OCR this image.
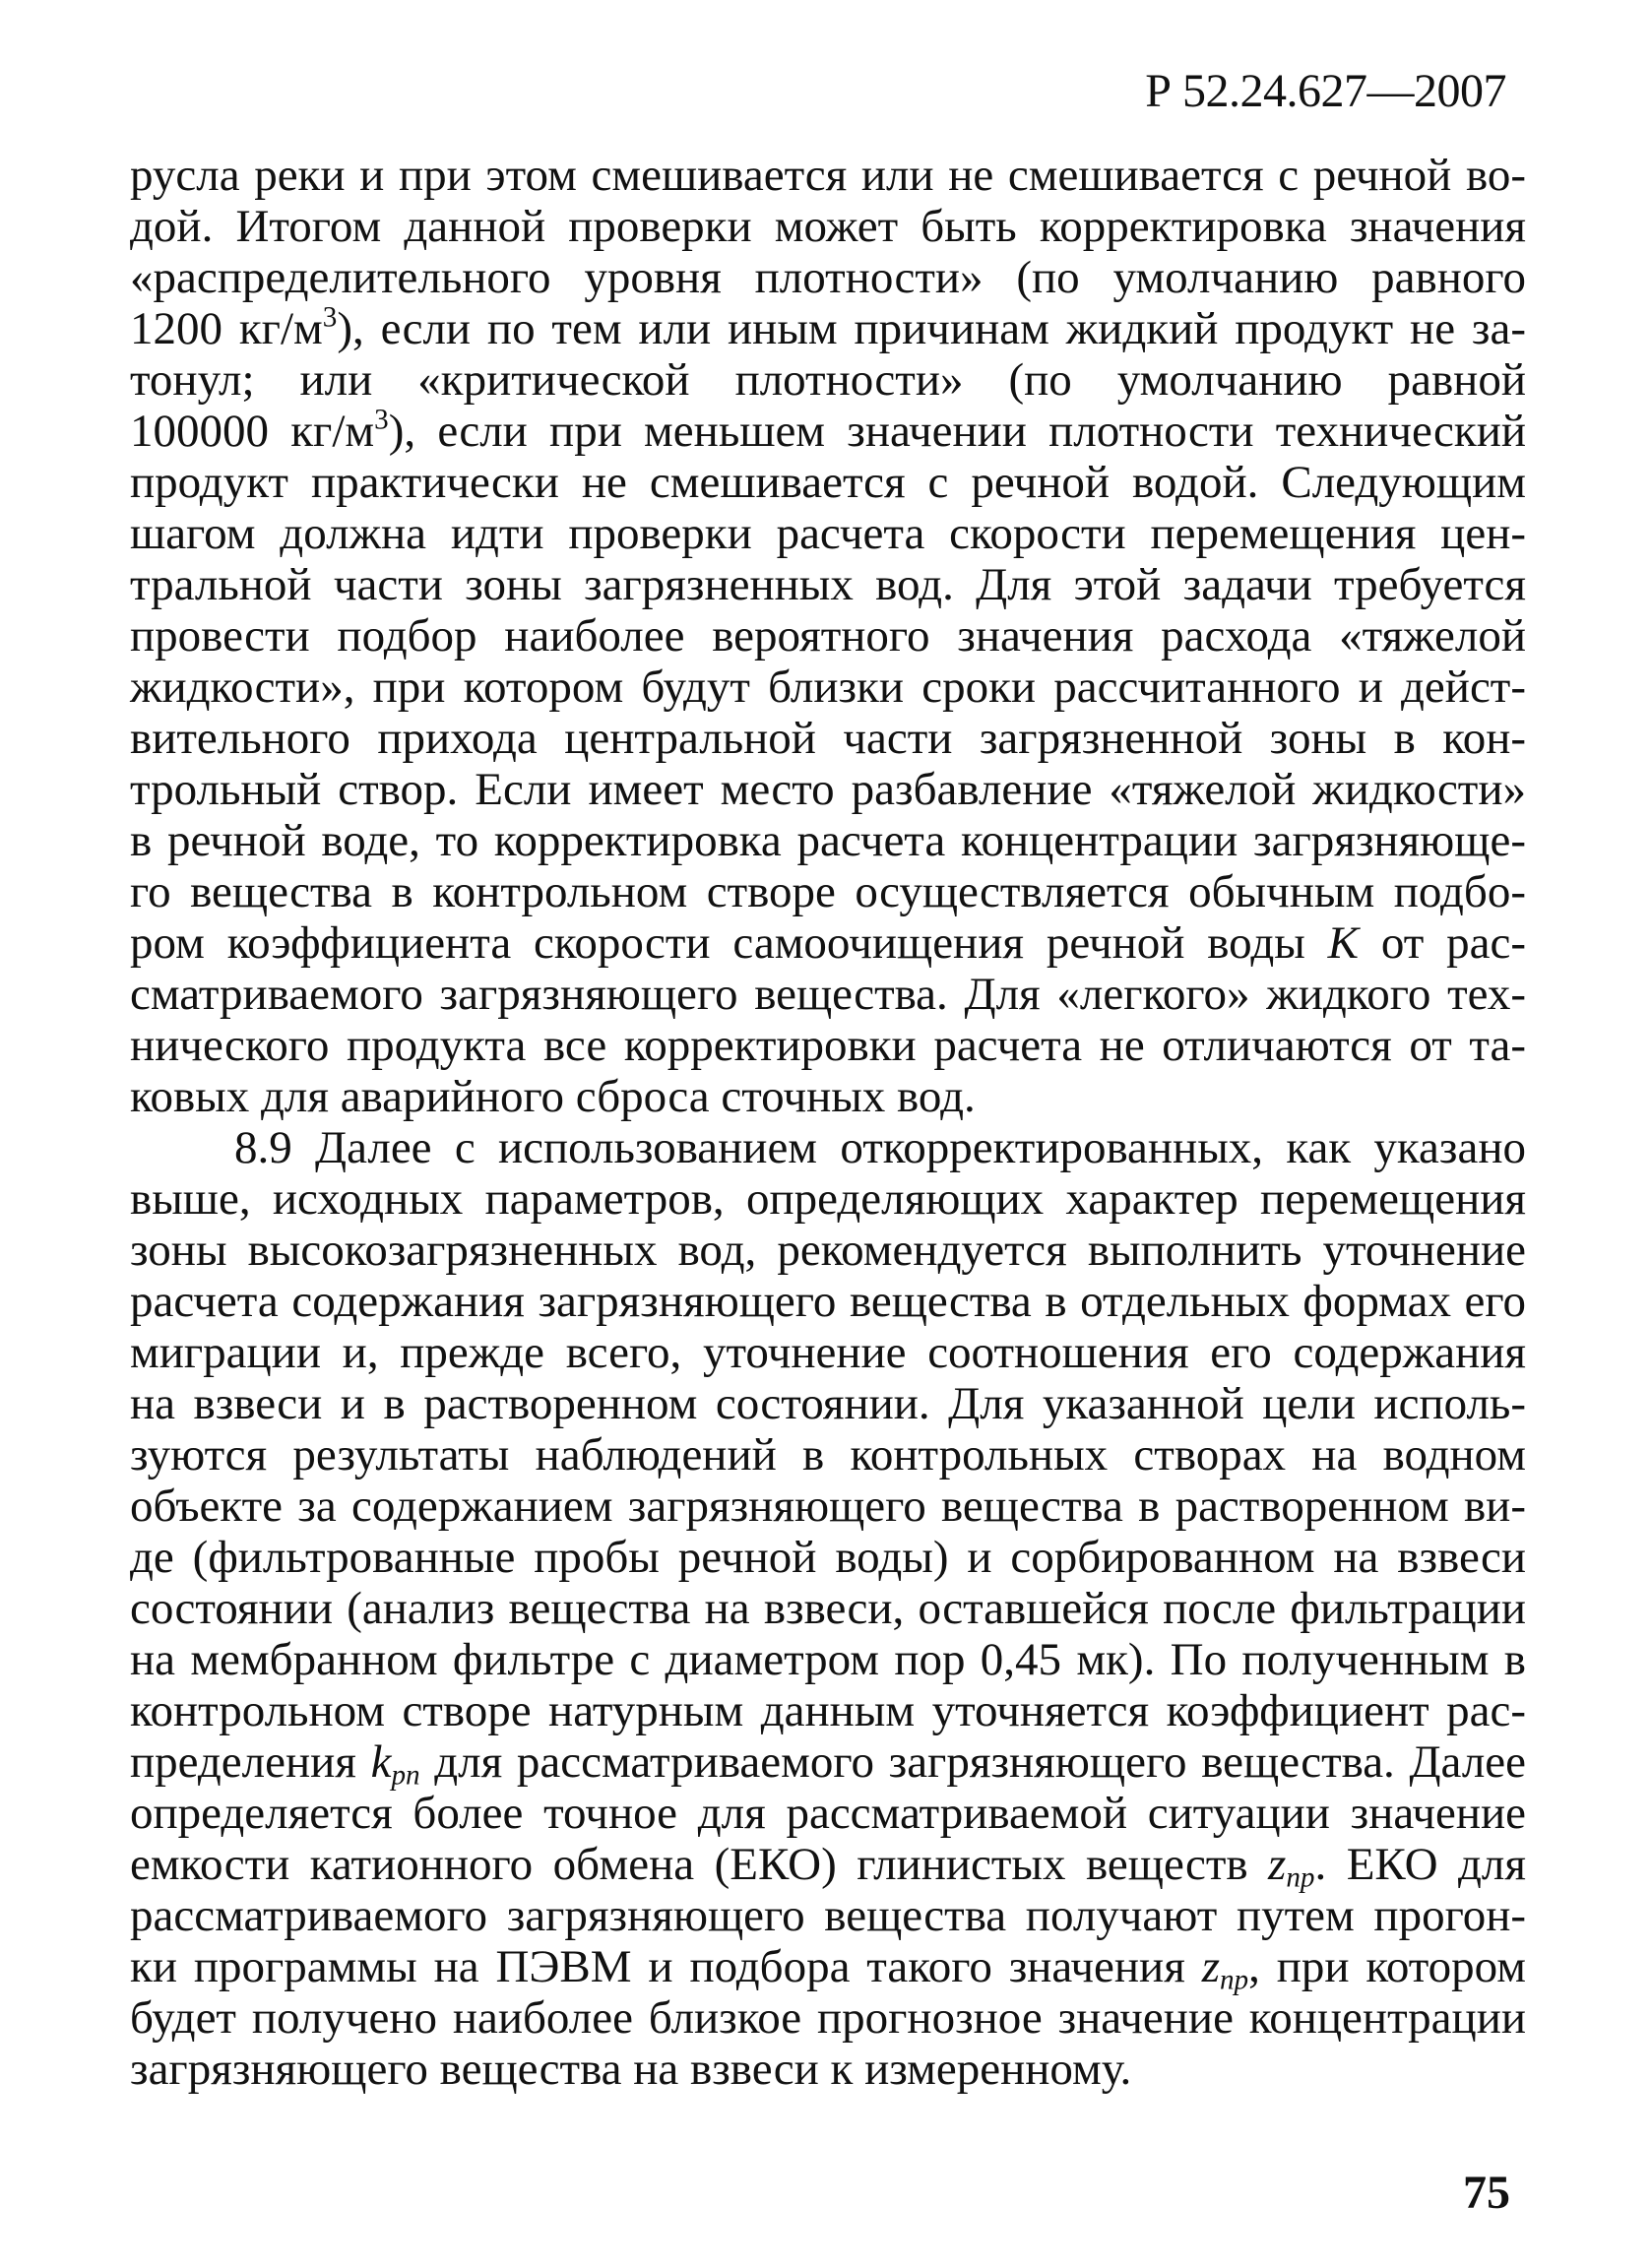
Р 52.24.627—2007
русла реки и при этом смешивается или не смешивается с речной во-
дой. Итогом данной проверки может быть корректировка значения
«распределительного уровня плотности» (по умолчанию равного
1200 $кг/м^3$), если по тем или иным причинам жидкий продукт не за-
тонул; или «критической плотности» (по умолчанию равной
100000 $кг/м^3$), если при меньшем значении плотности технический
продукт практически не смешивается с речной водой. Следующим
шагом должна идти проверки расчета скорости перемещения цен-
тральной части зоны загрязненных вод. Для этой задачи требуется
провести подбор наиболее вероятного значения расхода «тяжелой
жидкости», при котором будут близки сроки рассчитанного и дейст-
вительного прихода центральной части загрязненной зоны в кон-
трольный створ. Если имеет место разбавление «тяжелой жидкости»
в речной воде, то корректировка расчета концентрации загрязняюще-
го вещества в контрольном створе осуществляется обычным подбо-
ром коэффициента скорости самоочищения речной воды K от рас-
сматриваемого загрязняющего вещества. Для «легкого» жидкого тех-
нического продукта все корректировки расчета не отличаются от та-
ковых для аварийного сброса сточных вод.
8.9 Далее с использованием откорректированных, как указано
выше, исходных параметров, определяющих характер перемещения
зоны высокозагрязненных вод, рекомендуется выполнить уточнение
расчета содержания загрязняющего вещества в отдельных формах его
миграции и, прежде всего, уточнение соотношения его содержания
на взвеси и в растворенном состоянии. Для указанной цели исполь-
зуются результаты наблюдений в контрольных створах на водном
объекте за содержанием загрязняющего вещества в растворенном ви-
де (фильтрованные пробы речной воды) и сорбированном на взвеси
состоянии (анализ вещества на взвеси, оставшейся после фильтрации
на мембранном фильтре с диаметром пор 0,45 мк). По полученным в
контрольном створе натурным данным уточняется коэффициент рас-
пределения $k_{рп}$ для рассматриваемого загрязняющего вещества. Далее
определяется более точное для рассматриваемой ситуации значение
емкости катионного обмена (ЕКО) глинистых веществ $z_{пр}$. ЕКО для
рассматриваемого загрязняющего вещества получают путем прогон-
ки программы на ПЭВМ и подбора такого значения $z_{пр}$, при котором
будет получено наиболее близкое прогнозное значение концентрации
загрязняющего вещества на взвеси к измеренному.
75
